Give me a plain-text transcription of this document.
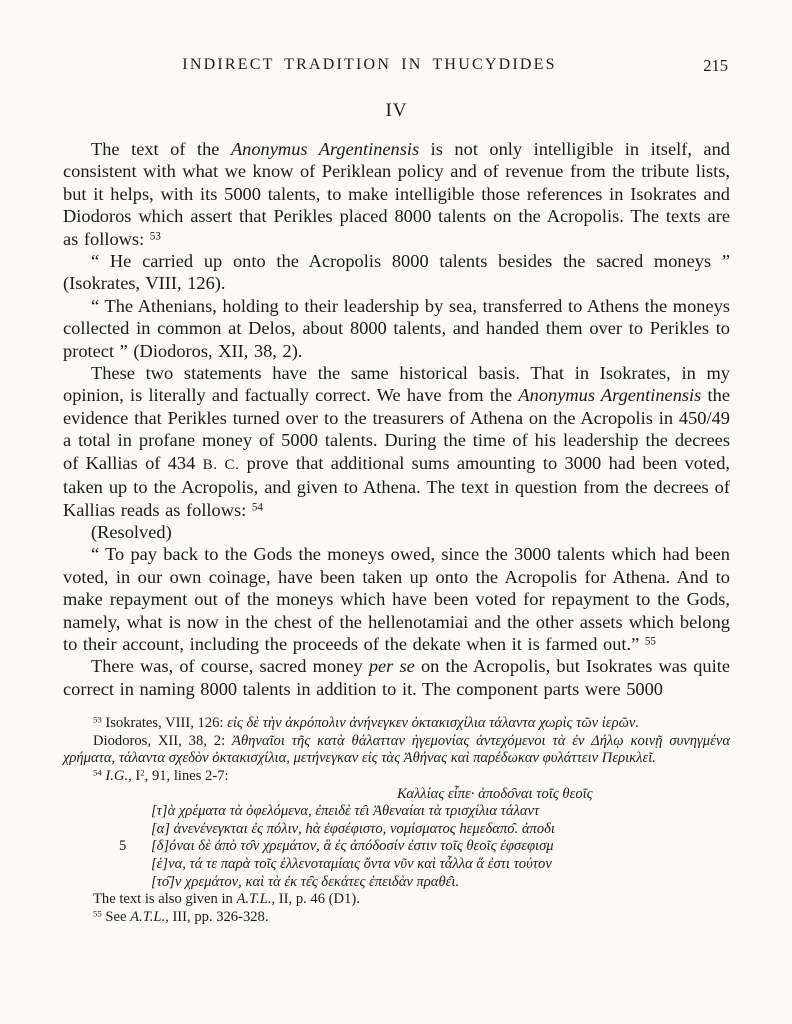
INDIRECT TRADITION IN THUCYDIDES	215
IV

The text of the Anonymus Argentinensis is not only intelligible in itself, and consistent with what we know of Periklean policy and of revenue from the tribute lists, but it helps, with its 5000 talents, to make intelligible those references in Isokrates and Diodoros which assert that Perikles placed 8000 talents on the Acropolis. The texts are as follows: $^{53}$

“ He carried up onto the Acropolis 8000 talents besides the sacred moneys ” (Isokrates, VIII, 126).

“ The Athenians, holding to their leadership by sea, transferred to Athens the moneys collected in common at Delos, about 8000 talents, and handed them over to Perikles to protect ” (Diodoros, XII, 38, 2).

These two statements have the same historical basis. That in Isokrates, in my opinion, is literally and factually correct. We have from the Anonymus Argentinensis the evidence that Perikles turned over to the treasurers of Athena on the Acropolis in 450/49 a total in profane money of 5000 talents. During the time of his leadership the decrees of Kallias of 434 B. C. prove that additional sums amounting to 3000 had been voted, taken up to the Acropolis, and given to Athena. The text in question from the decrees of Kallias reads as follows: $^{54}$

(Resolved)

“ To pay back to the Gods the moneys owed, since the 3000 talents which had been voted, in our own coinage, have been taken up onto the Acropolis for Athena. And to make repayment out of the moneys which have been voted for repayment to the Gods, namely, what is now in the chest of the hellenotamiai and the other assets which belong to their account, including the proceeds of the dekate when it is farmed out.” $^{55}$

There was, of course, sacred money per se on the Acropolis, but Isokrates was quite correct in naming 8000 talents in addition to it. The component parts were 5000

$^{53}$ Isokrates, VIII, 126: εἰς δὲ τὴν ἀκρόπολιν ἀνήνεγκεν ὀκτακισχίλια τάλαντα χωρὶς τῶν ἱερῶν.

Diodoros, XII, 38, 2: Ἀθηναῖοι τῆς κατὰ θάλατταν ἡγεμονίας ἀντεχόμενοι τὰ ἐν Δήλῳ κοινῇ συνηγμένα χρήματα, τάλαντα σχεδὸν ὀκτακισχίλια, μετήνεγκαν εἰς τὰς Ἀθήνας καὶ παρέδωκαν φυλάττειν Περικλεῖ.

$^{54}$ I.G., $I^2$, 91, lines 2-7:

Καλλίας εἶπε· ἀποδο̑ναι τοῖς θεοῖς
[τ]ὰ χρέματα τὰ ὀφελόμενα, ἐπειδὲ τε̑ι Ἀθεναίαι τὰ τρισχίλια τάλαντ
[α] ἀνενένεγκται ἐς πόλιν, hὰ ἐφσέφιστο, νομίσματος hεμεδαπο̑. ἀποδι
5 [δ]όναι δὲ ἀπὸ το̑ν χρεμάτον, ἃ ἐς ἀπόδοσίν ἐστιν τοῖς θεοῖς ἐφσεφισμ
[ἑ]να, τά τε παρὰ τοῖς ἑλλενοταμίαις ὄντα νῦν καὶ τἆλλα ἅ ἐστι τούτον
[το̑]ν χρεμάτον, καὶ τὰ ἐκ τε̑ς δεκάτες ἐπειδὰν πραθε̑ι.

The text is also given in A.T.L., II, p. 46 (D1).

$^{55}$ See A.T.L., III, pp. 326-328.
